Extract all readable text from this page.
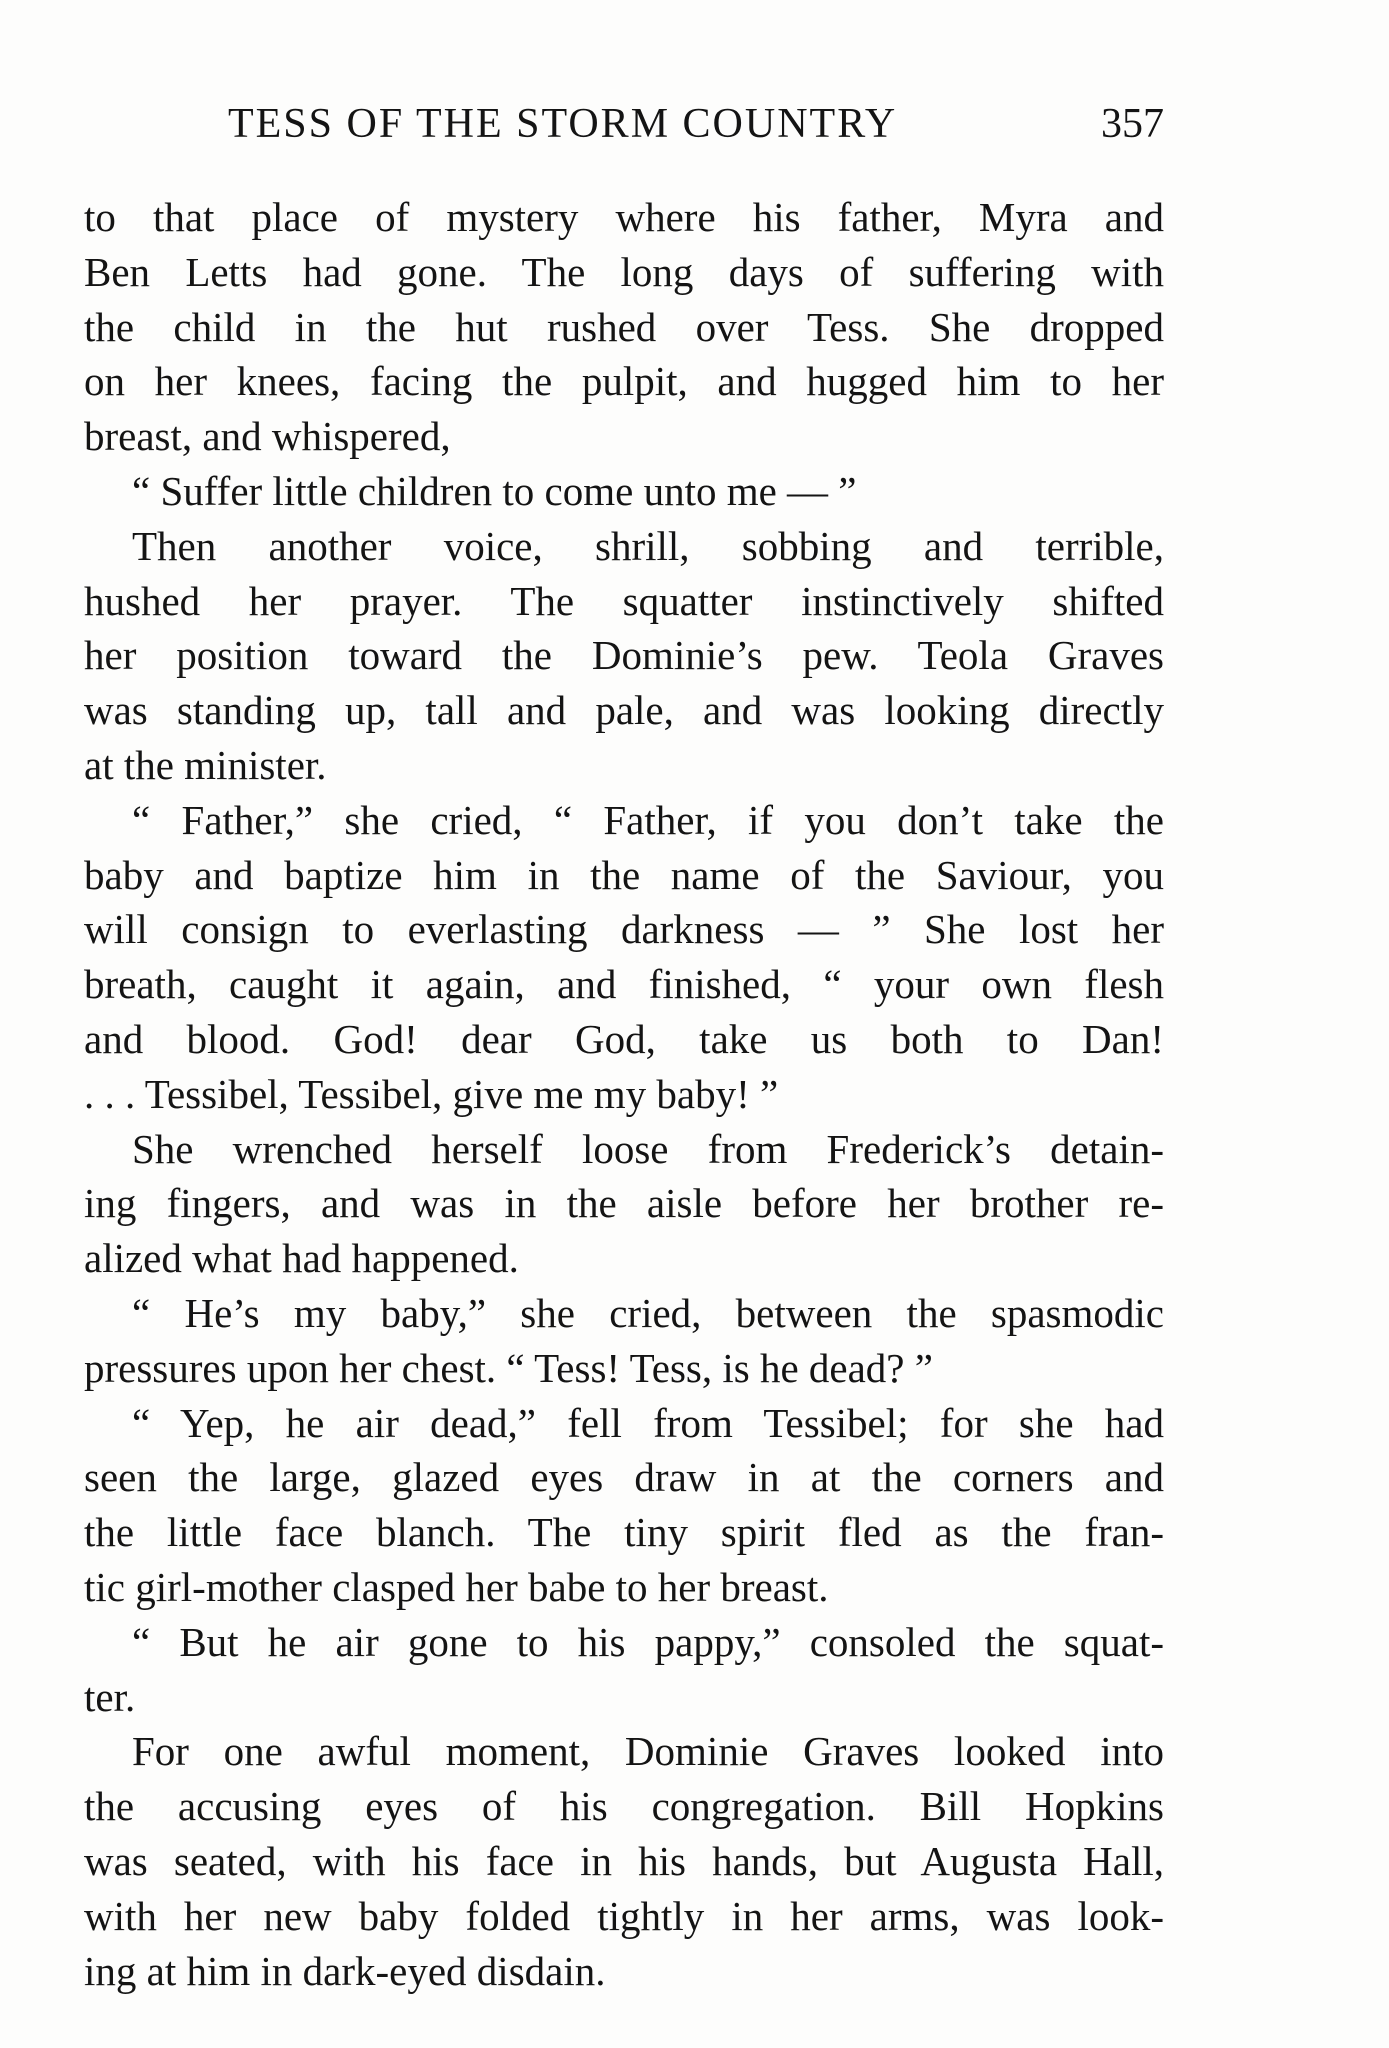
TESS OF THE STORM COUNTRY	357
to that place of mystery where his father, Myra and
Ben Letts had gone. The long days of suffering with
the child in the hut rushed over Tess. She dropped
on her knees, facing the pulpit, and hugged him to her
breast, and whispered,
“ Suffer little children to come unto me — ”
Then another voice, shrill, sobbing and terrible,
hushed her prayer. The squatter instinctively shifted
her position toward the Dominie’s pew. Teola Graves
was standing up, tall and pale, and was looking directly
at the minister.
“ Father,” she cried, “ Father, if you don’t take the
baby and baptize him in the name of the Saviour, you
will consign to everlasting darkness — ” She lost her
breath, caught it again, and finished, “ your own flesh
and blood. God! dear God, take us both to Dan!
. . . Tessibel, Tessibel, give me my baby! ”
She wrenched herself loose from Frederick’s detain-
ing fingers, and was in the aisle before her brother re-
alized what had happened.
“ He’s my baby,” she cried, between the spasmodic
pressures upon her chest. “ Tess! Tess, is he dead? ”
“ Yep, he air dead,” fell from Tessibel; for she had
seen the large, glazed eyes draw in at the corners and
the little face blanch. The tiny spirit fled as the fran-
tic girl-mother clasped her babe to her breast.
“ But he air gone to his pappy,” consoled the squat-
ter.
For one awful moment, Dominie Graves looked into
the accusing eyes of his congregation. Bill Hopkins
was seated, with his face in his hands, but Augusta Hall,
with her new baby folded tightly in her arms, was look-
ing at him in dark-eyed disdain.
